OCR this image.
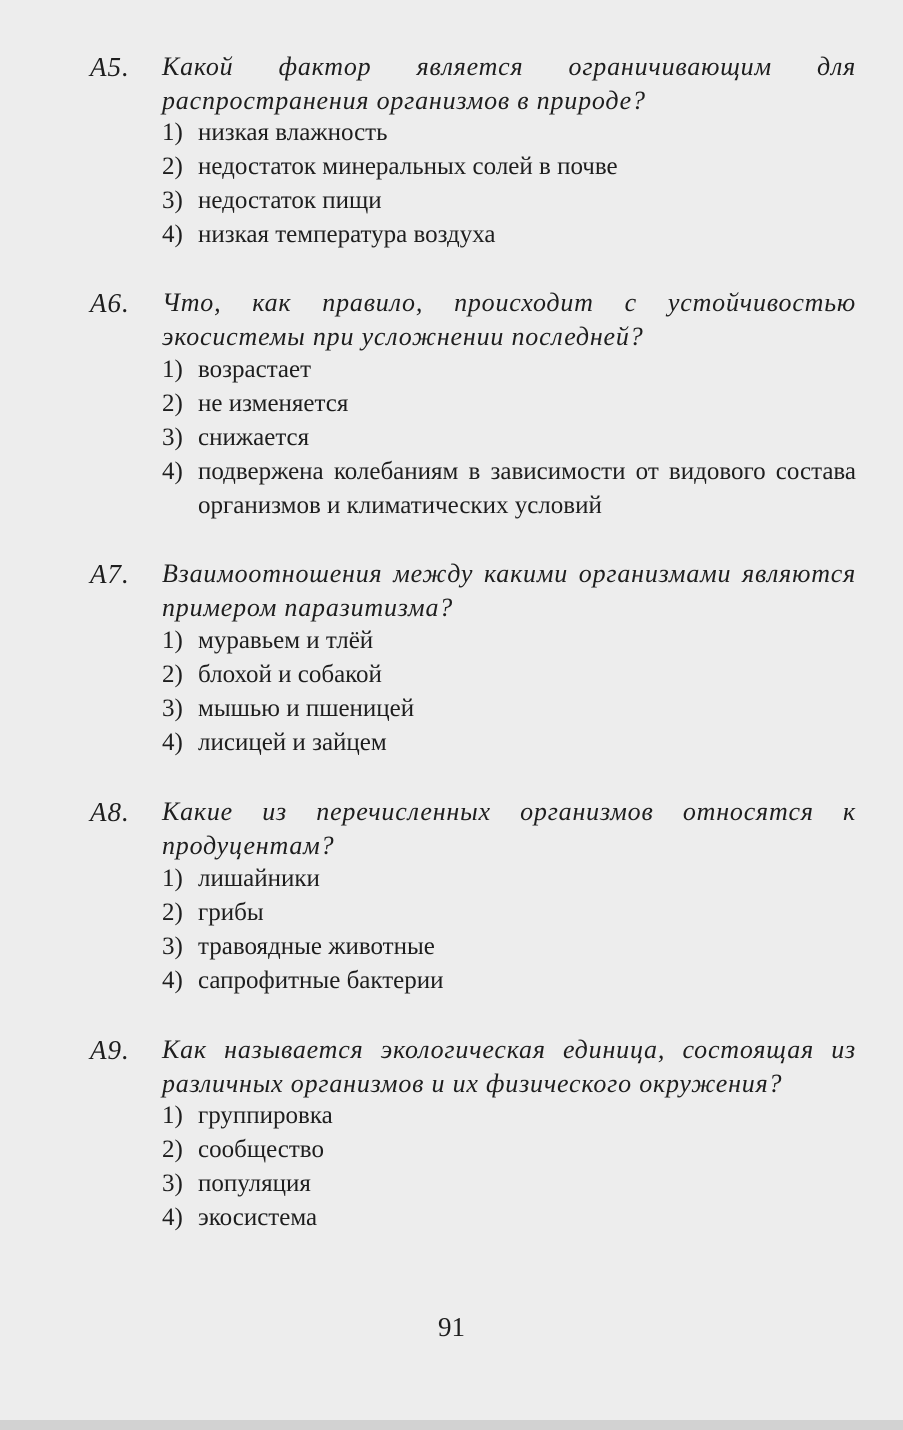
А5. Какой фактор является ограничивающим для распространения организмов в природе?

1) низкая влажность
2) недостаток минеральных солей в почве
3) недостаток пищи
4) низкая температура воздуха
А6. Что, как правило, происходит с устойчивостью экосистемы при усложнении последней?

1) возрастает
2) не изменяется
3) снижается
4) подвержена колебаниям в зависимости от видового состава организмов и климатических условий
А7. Взаимоотношения между какими организмами являются примером паразитизма?

1) муравьем и тлёй
2) блохой и собакой
3) мышью и пшеницей
4) лисицей и зайцем
А8. Какие из перечисленных организмов относятся к продуцентам?

1) лишайники
2) грибы
3) травоядные животные
4) сапрофитные бактерии
А9. Как называется экологическая единица, состоящая из различных организмов и их физического окружения?

1) группировка
2) сообщество
3) популяция
4) экосистема
91
